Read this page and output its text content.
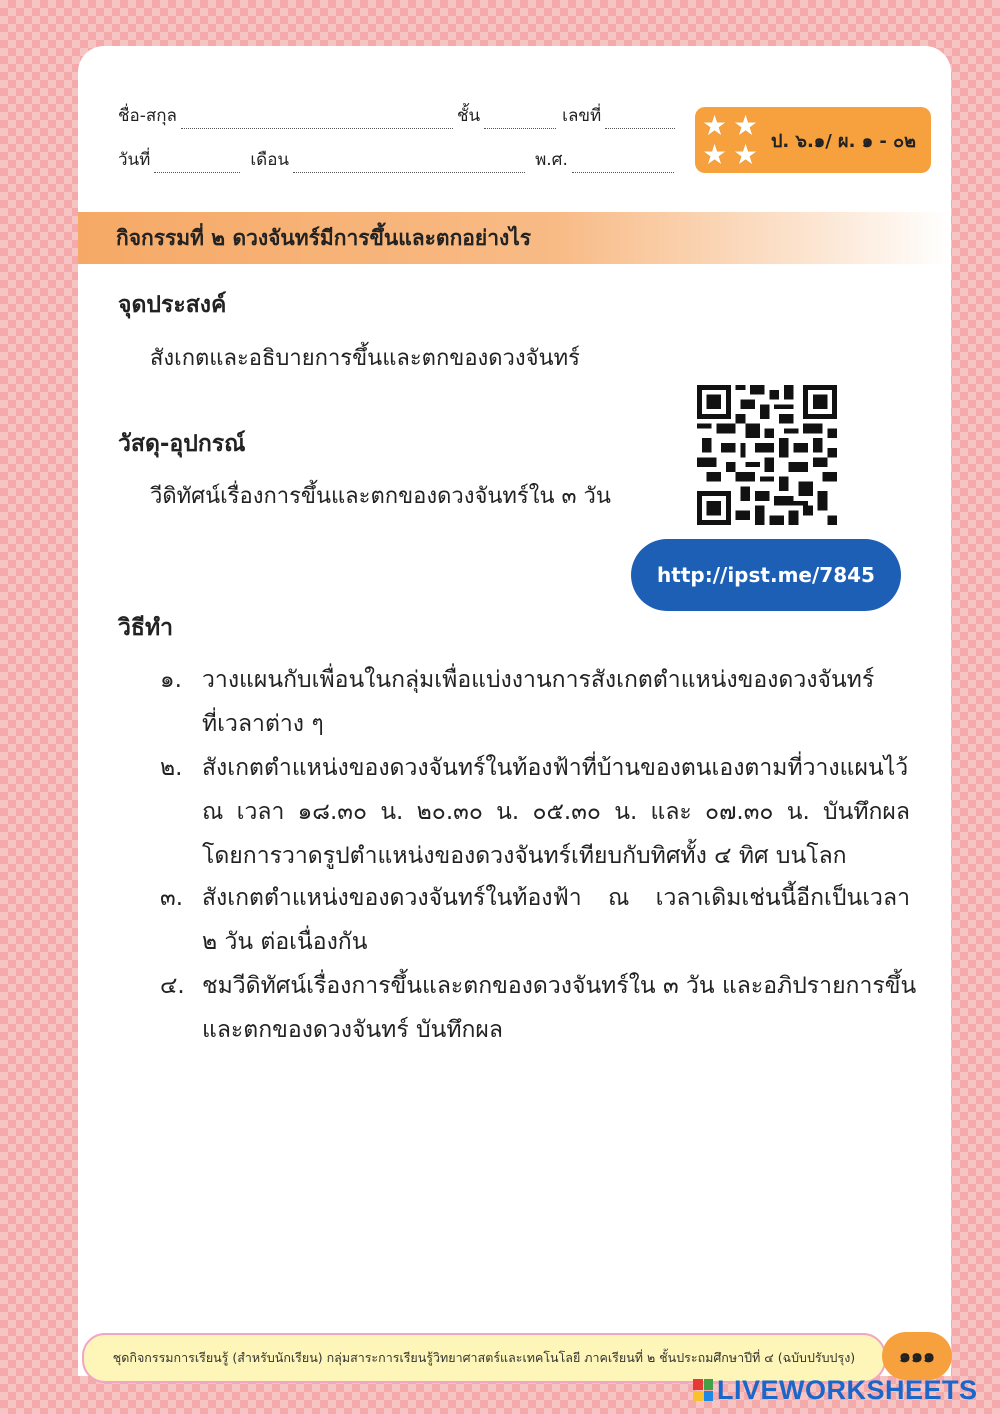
ชื่อ-สกุล	ชั้น	เลขที่
วันที่	เดือน	พ.ศ.
★ ★
★ ★ ป. ๖.๑/ ผ. ๑ - ๐๒
กิจกรรมที่ ๒ ดวงจันทร์มีการขึ้นและตกอย่างไร
จุดประสงค์
สังเกตและอธิบายการขึ้นและตกของดวงจันทร์
วัสดุ-อุปกรณ์
วีดิทัศน์เรื่องการขึ้นและตกของดวงจันทร์ใน ๓ วัน
http://ipst.me/7845
วิธีทำ
๑. วางแผนกับเพื่อนในกลุ่มเพื่อแบ่งงานการสังเกตตำแหน่งของดวงจันทร์
ที่เวลาต่าง ๆ
๒. สังเกตตำแหน่งของดวงจันทร์ในท้องฟ้าที่บ้านของตนเองตามที่วางแผนไว้
ณ เวลา ๑๘.๓๐ น. ๒๐.๓๐ น. ๐๕.๓๐ น. และ ๐๗.๓๐ น. บันทึกผล
โดยการวาดรูปตำแหน่งของดวงจันทร์เทียบกับทิศทั้ง ๔ ทิศ บนโลก
๓. สังเกตตำแหน่งของดวงจันทร์ในท้องฟ้า ณ เวลาเดิมเช่นนี้อีกเป็นเวลา
๒ วัน ต่อเนื่องกัน
๔. ชมวีดิทัศน์เรื่องการขึ้นและตกของดวงจันทร์ใน ๓ วัน และอภิปรายการขึ้น
และตกของดวงจันทร์ บันทึกผล
ชุดกิจกรรมการเรียนรู้ (สำหรับนักเรียน) กลุ่มสาระการเรียนรู้วิทยาศาสตร์และเทคโนโลยี ภาคเรียนที่ ๒ ชั้นประถมศึกษาปีที่ ๔ (ฉบับปรับปรุง)	๑๑๑
LIVEWORKSHEETS
